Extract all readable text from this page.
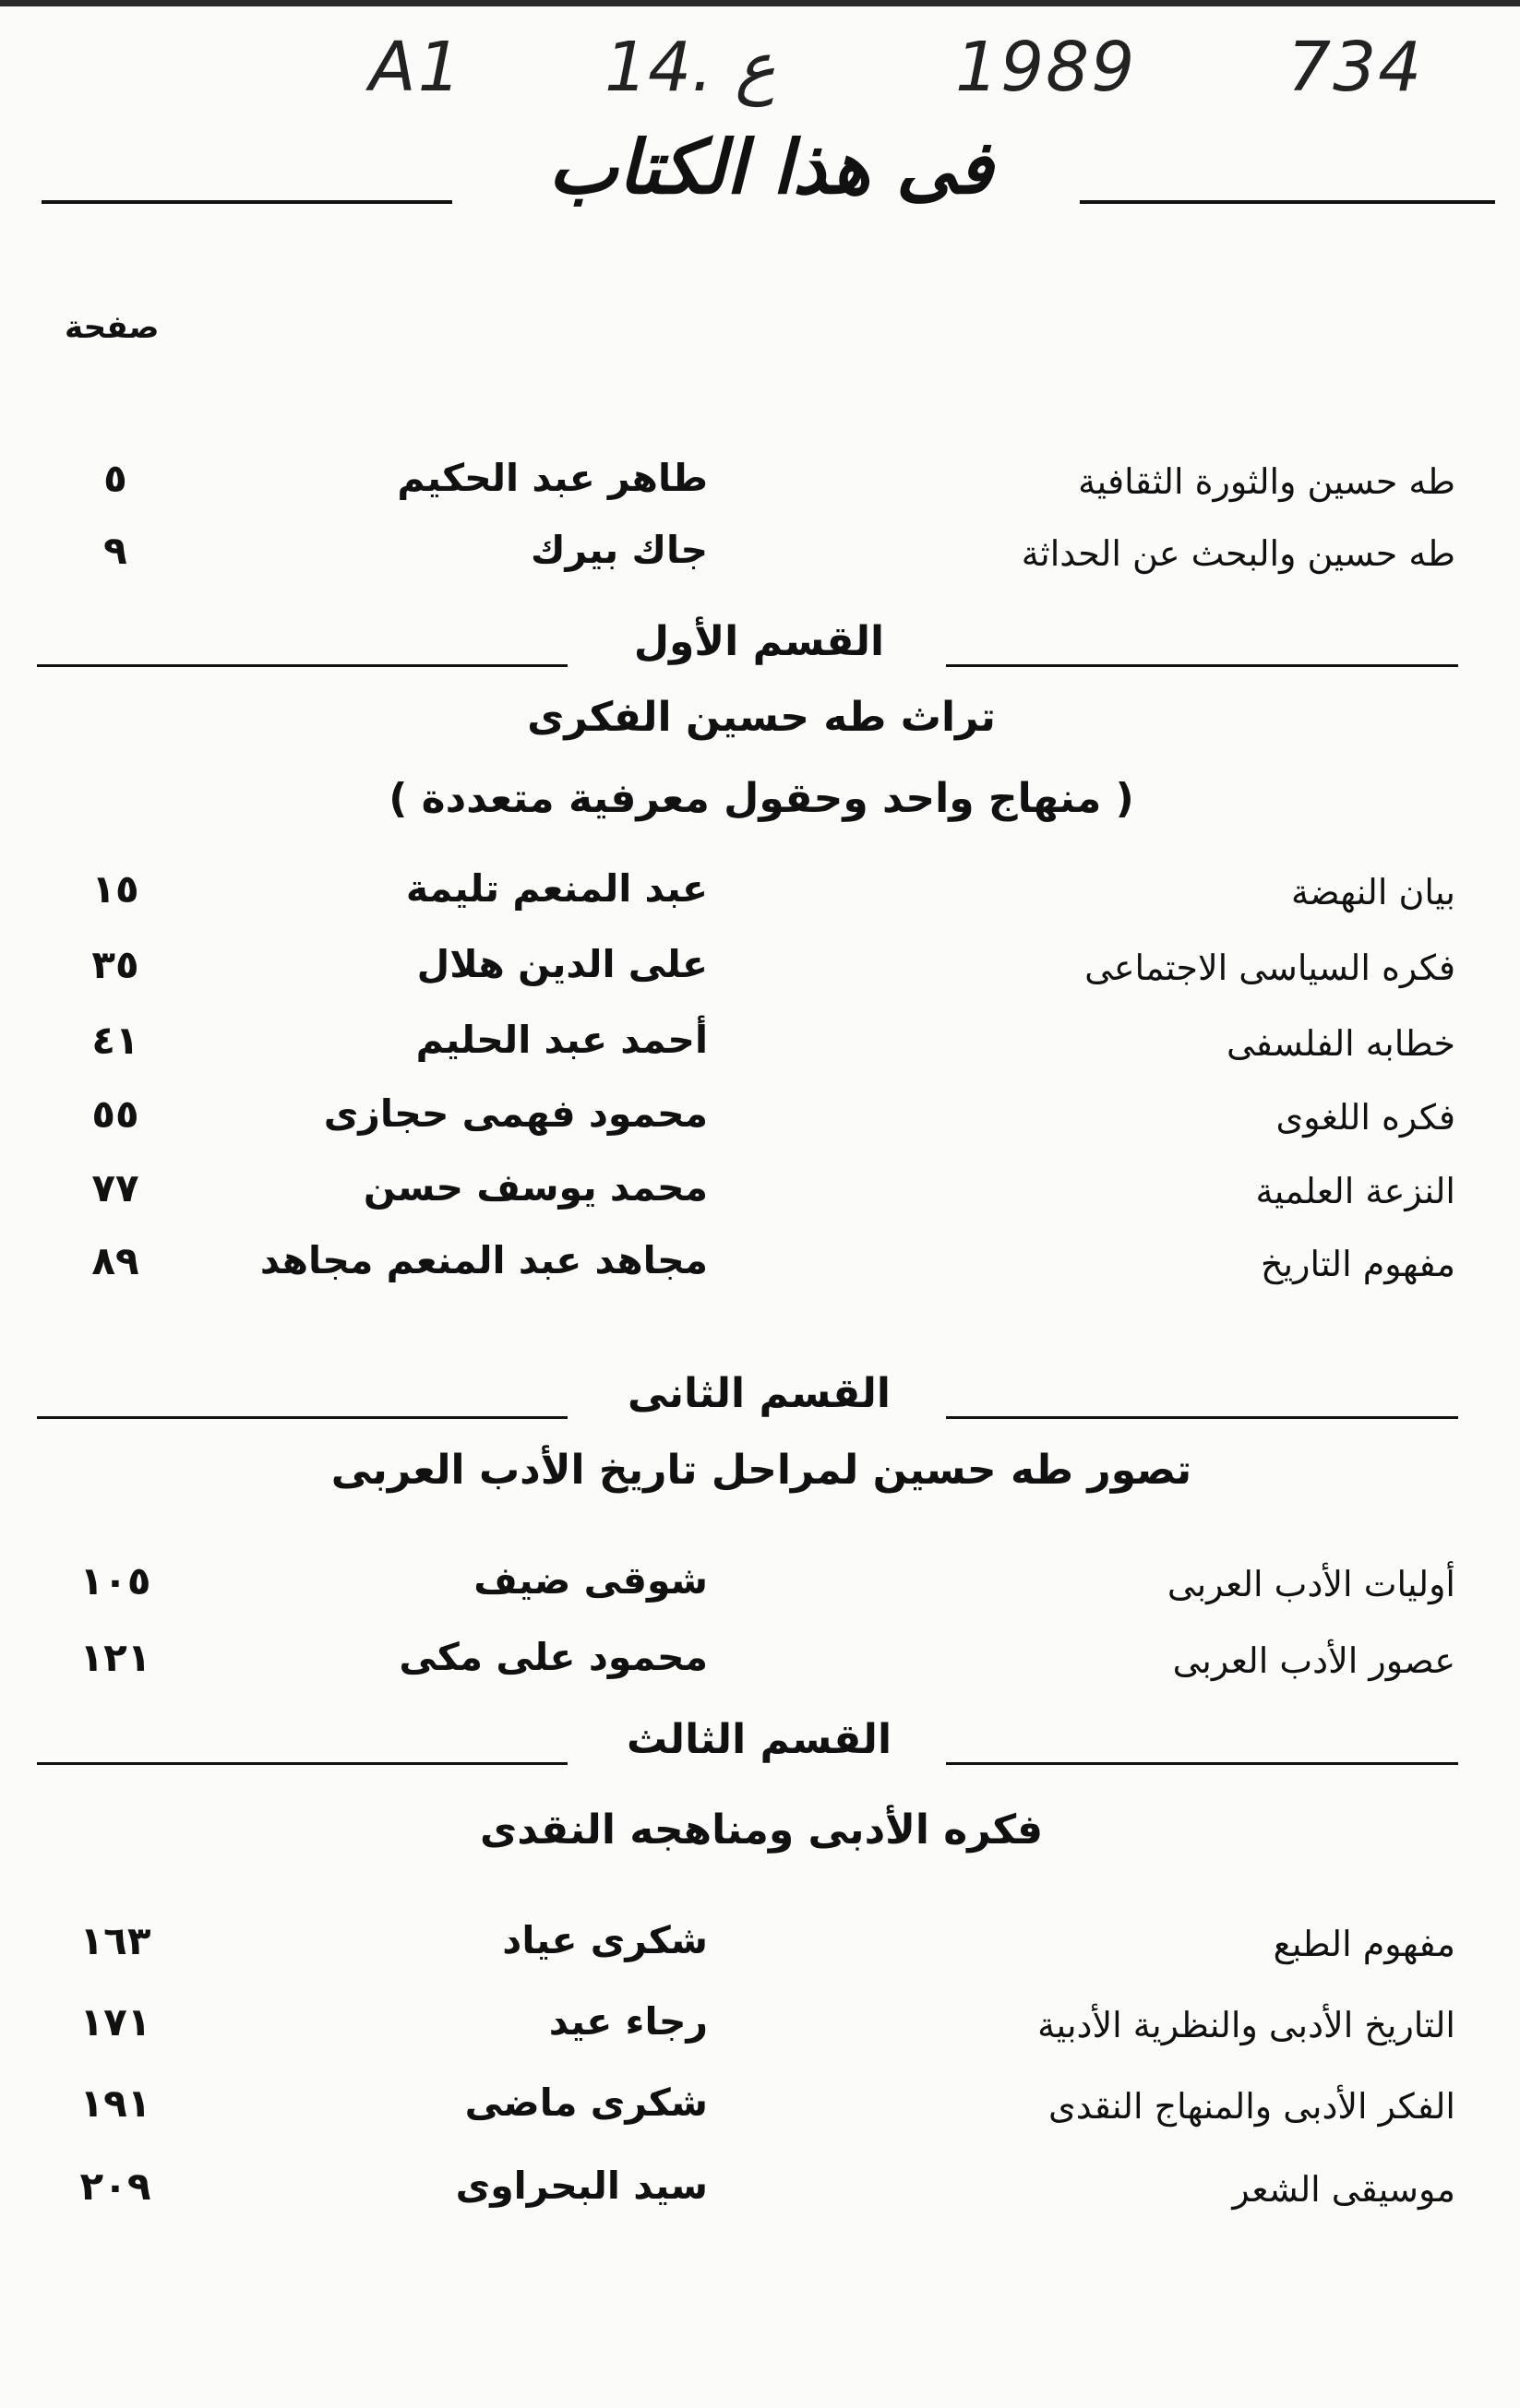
A1 14. ع	1989 734
فى هذا الكتاب
صفحة
طه حسين والثورة الثقافية
طاهر عبد الحكيم
٥
طه حسين والبحث عن الحداثة
جاك بيرك
٩
القسم الأول
تراث طه حسين الفكرى
( منهاج واحد وحقول معرفية متعددة )
بيان النهضة
عبد المنعم تليمة
١٥
فكره السياسى الاجتماعى
على الدين هلال
٣٥
خطابه الفلسفى
أحمد عبد الحليم
٤١
فكره اللغوى
محمود فهمى حجازى
٥٥
النزعة العلمية
محمد يوسف حسن
٧٧
مفهوم التاريخ
مجاهد عبد المنعم مجاهد
٨٩
القسم الثانى
تصور طه حسين لمراحل تاريخ الأدب العربى
أوليات الأدب العربى
شوقى ضيف
١٠٥
عصور الأدب العربى
محمود على مكى
١٢١
القسم الثالث
فكره الأدبى ومناهجه النقدى
مفهوم الطبع
شكرى عياد
١٦٣
التاريخ الأدبى والنظرية الأدبية
رجاء عيد
١٧١
الفكر الأدبى والمنهاج النقدى
شكرى ماضى
١٩١
موسيقى الشعر
سيد البحراوى
٢٠٩
